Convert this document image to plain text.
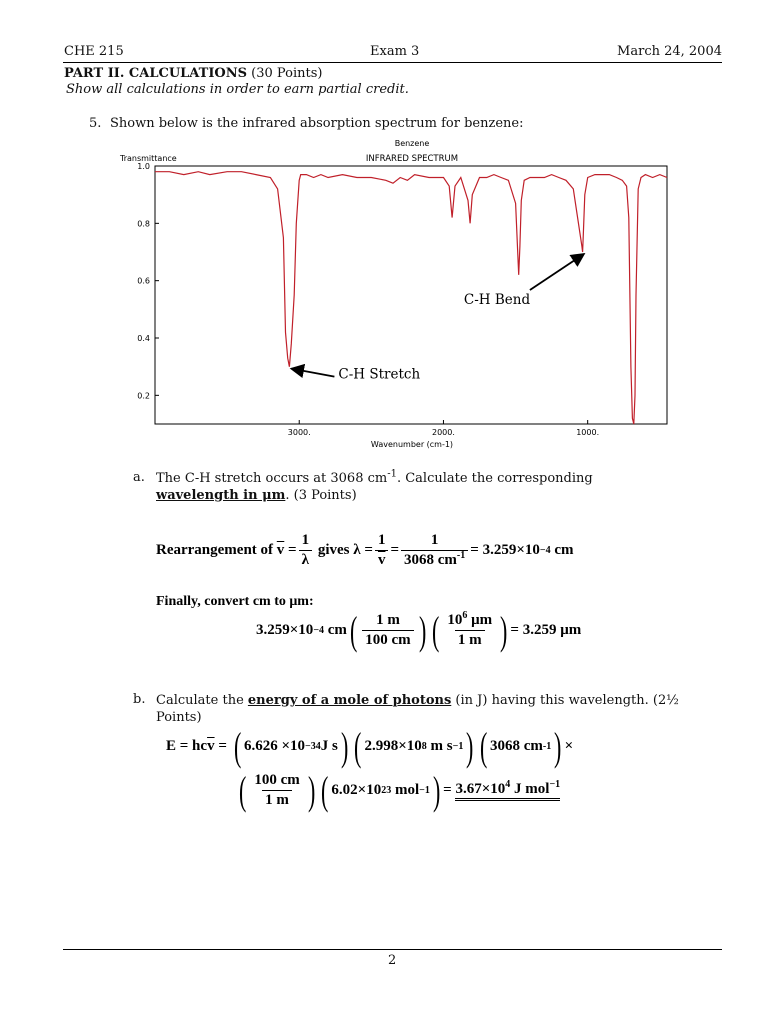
CHE 215	Exam 3	March 24, 2004
PART II. CALCULATIONS (30 Points)
Show all calculations in order to earn partial credit.
5. Shown below is the infrared absorption spectrum for benzene:
Benzene
INFRARED SPECTRUM
Transmittance
Wavenumber (cm-1)
1.0
0.8
0.6
0.4
0.2
3000.	2000.	1000.
C-H Stretch
C-H Bend
a. The C-H stretch occurs at 3068 $cm^{-1}$. Calculate the corresponding
wavelength in μm. (3 Points)
Rearrangement of
$\overline{v}$
= $\frac{1}{\lambda}$
gives
$\lambda = \frac{1}{v} = \frac{1}{3068 cm^{-1}} = 3.259\times 10 -4$
cm
Finally, convert cm to μm:
3.259×10 −4
cm ( $\frac{1 m}{100 cm}$ ) ( $\frac{10^6 \mu m}{1 m}$ ) = 3.259 μm
b. Calculate the energy of a mole of photons (in J) having this wavelength. (2½
Points)
E = hc $\overline{v}$
=
( 6.626 ×10 −34 J s ) ( 2.998×10 8
m s −1 ) ( 3068 cm -1 ) ×
( $\frac{100 cm}{1 m}$ ) ( 6.02×10 23
mol −1 ) =
$3.67\times 10^4$ J mol$^{-1}$
2
